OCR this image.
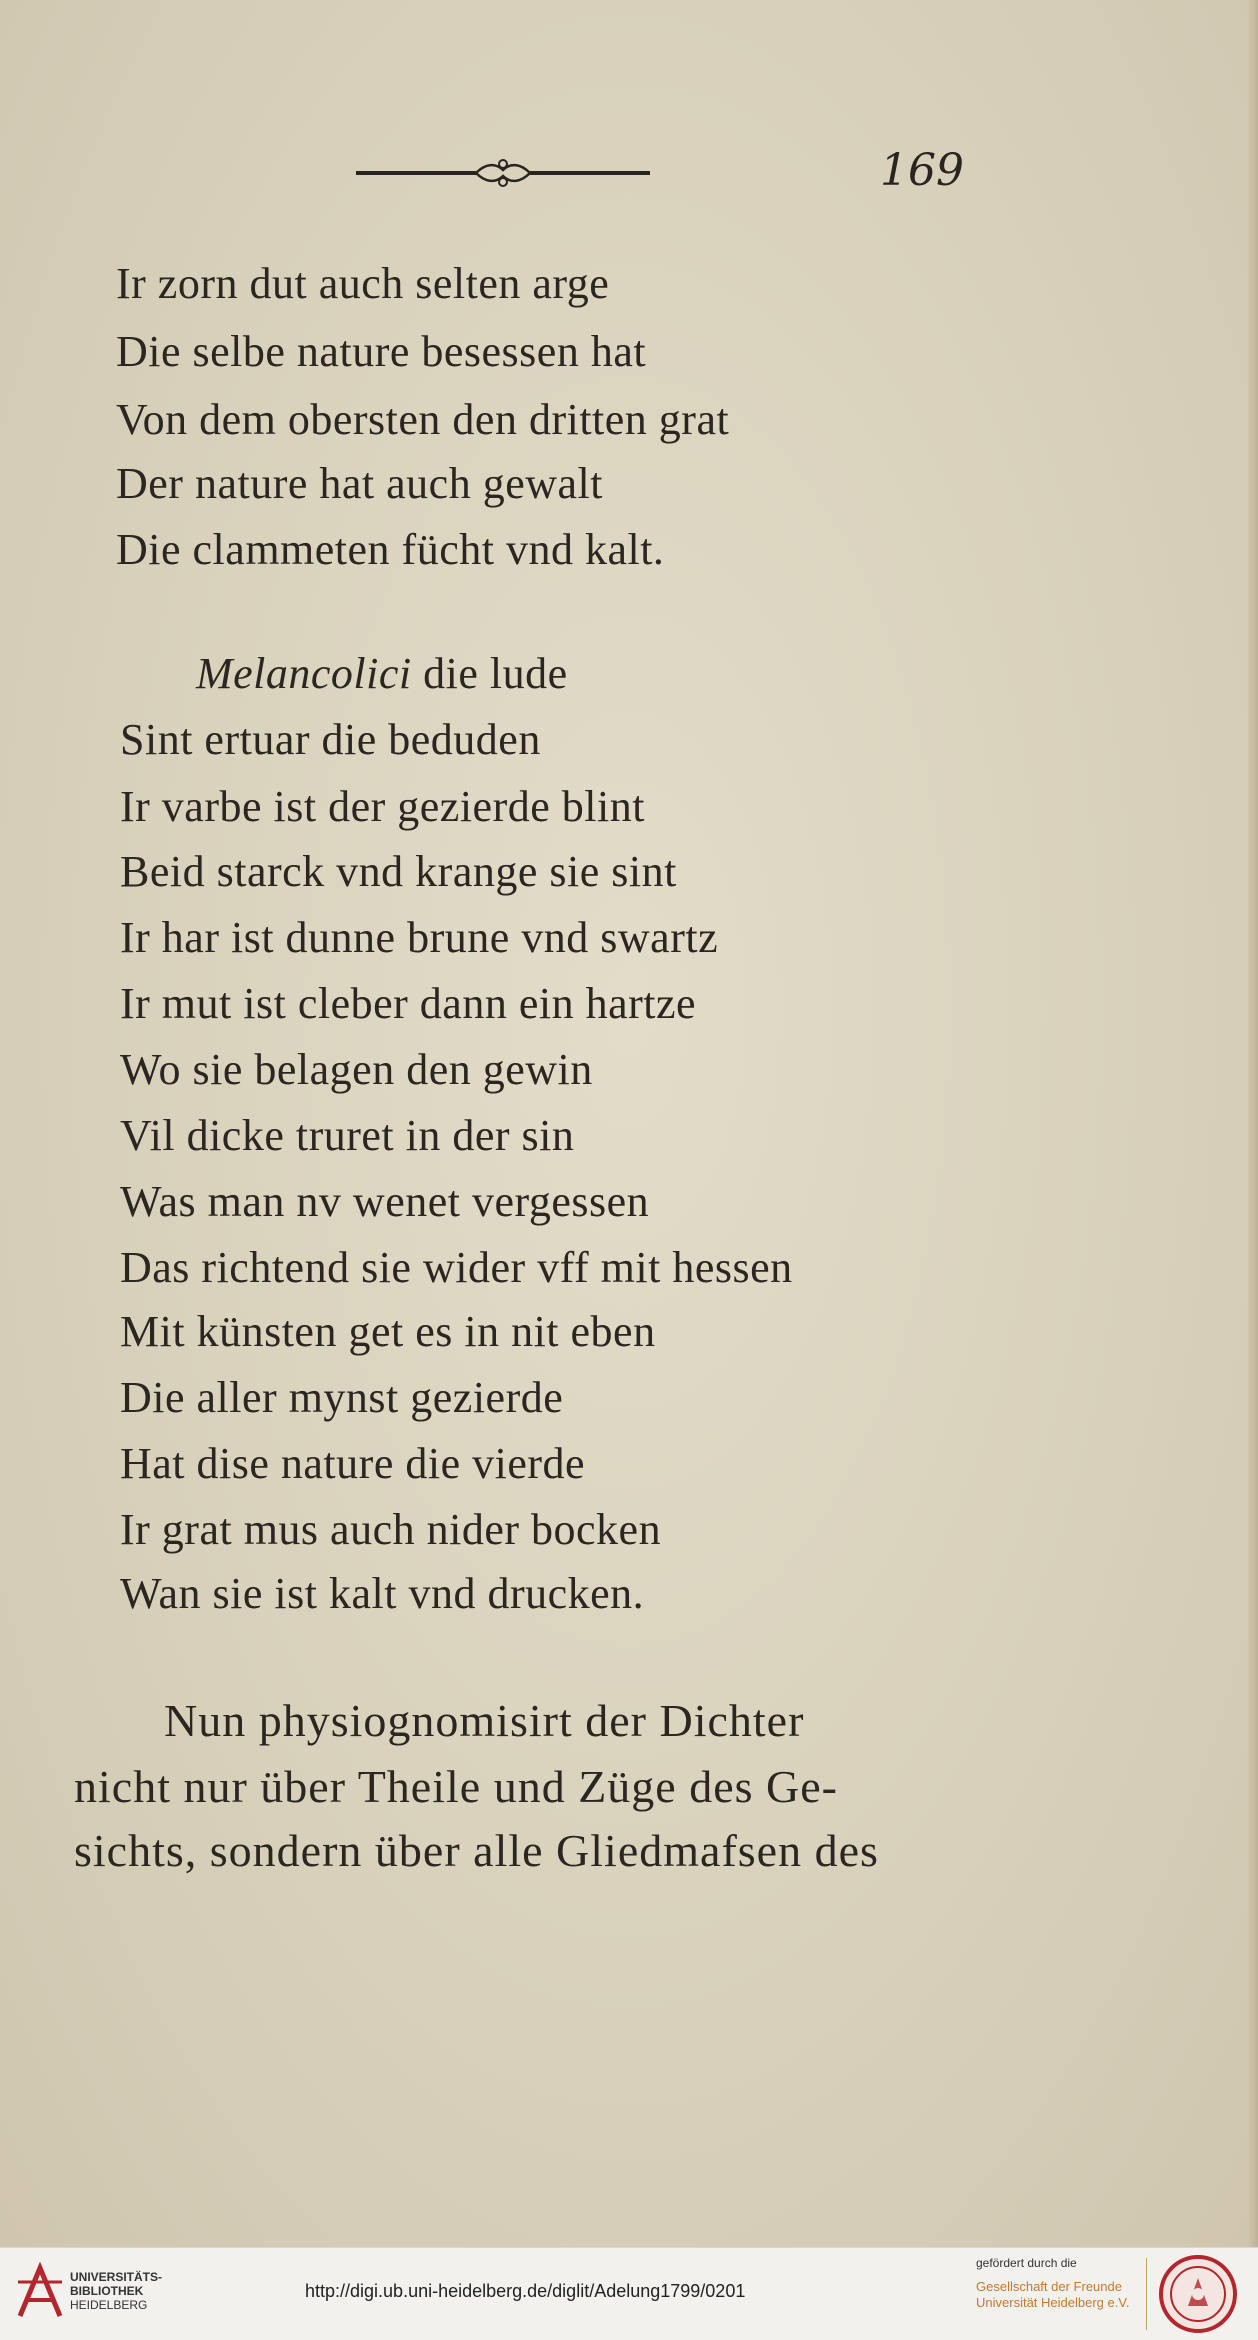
169
Ir zorn dut auch selten arge
Die selbe nature besessen hat
Von dem obersten den dritten grat
Der nature hat auch gewalt
Die clammeten fücht vnd kalt.
Melancolici die lude
Sint ertuar die beduden
Ir varbe ist der gezierde blint
Beid starck vnd krange sie sint
Ir har ist dunne brune vnd swartz
Ir mut ist cleber dann ein hartze
Wo sie belagen den gewin
Vil dicke truret in der sin
Was man nv wenet vergessen
Das richtend sie wider vff mit hessen
Mit künsten get es in nit eben
Die aller mynst gezierde
Hat dise nature die vierde
Ir grat mus auch nider bocken
Wan sie ist kalt vnd drucken.
Nun physiognomisirt der Dichter
nicht nur über Theile und Züge des Ge-
sichts, sondern über alle Gliedmafsen des
UNIVERSITÄTS-
BIBLIOTHEK
HEIDELBERG
http://digi.ub.uni-heidelberg.de/diglit/Adelung1799/0201
gefördert durch die
Gesellschaft der Freunde
Universität Heidelberg e.V.
